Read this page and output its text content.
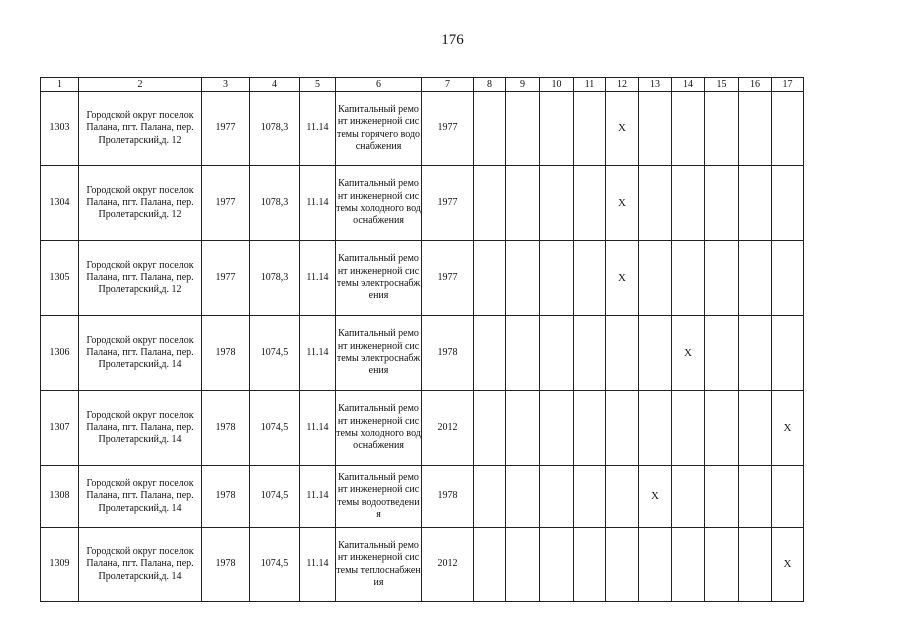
176
1	2	3	4	5	6	7	8	9	10	11	12	13	14	15	16	17	
1303	Городской округ поселок Палана, пгт. Палана, пер. Пролетарский,д. 12	1977	1078,3	11.14	Капитальный ремонт инженерной системы горячего водоснабжения	1977					X						
1304	Городской округ поселок Палана, пгт. Палана, пер. Пролетарский,д. 12	1977	1078,3	11.14	Капитальный ремонт инженерной системы холодного водоснабжения	1977					X						
1305	Городской округ поселок Палана, пгт. Палана, пер. Пролетарский,д. 12	1977	1078,3	11.14	Капитальный ремонт инженерной системы электроснабжения	1977					X						
1306	Городской округ поселок Палана, пгт. Палана, пер. Пролетарский,д. 14	1978	1074,5	11.14	Капитальный ремонт инженерной системы электроснабжения	1978							X				
1307	Городской округ поселок Палана, пгт. Палана, пер. Пролетарский,д. 14	1978	1074,5	11.14	Капитальный ремонт инженерной системы холодного водоснабжения	2012										X	
1308	Городской округ поселок Палана, пгт. Палана, пер. Пролетарский,д. 14	1978	1074,5	11.14	Капитальный ремонт инженерной системы водоотведения	1978						X					
1309	Городской округ поселок Палана, пгт. Палана, пер. Пролетарский,д. 14	1978	1074,5	11.14	Капитальный ремонт инженерной системы теплоснабжения	2012										X	
